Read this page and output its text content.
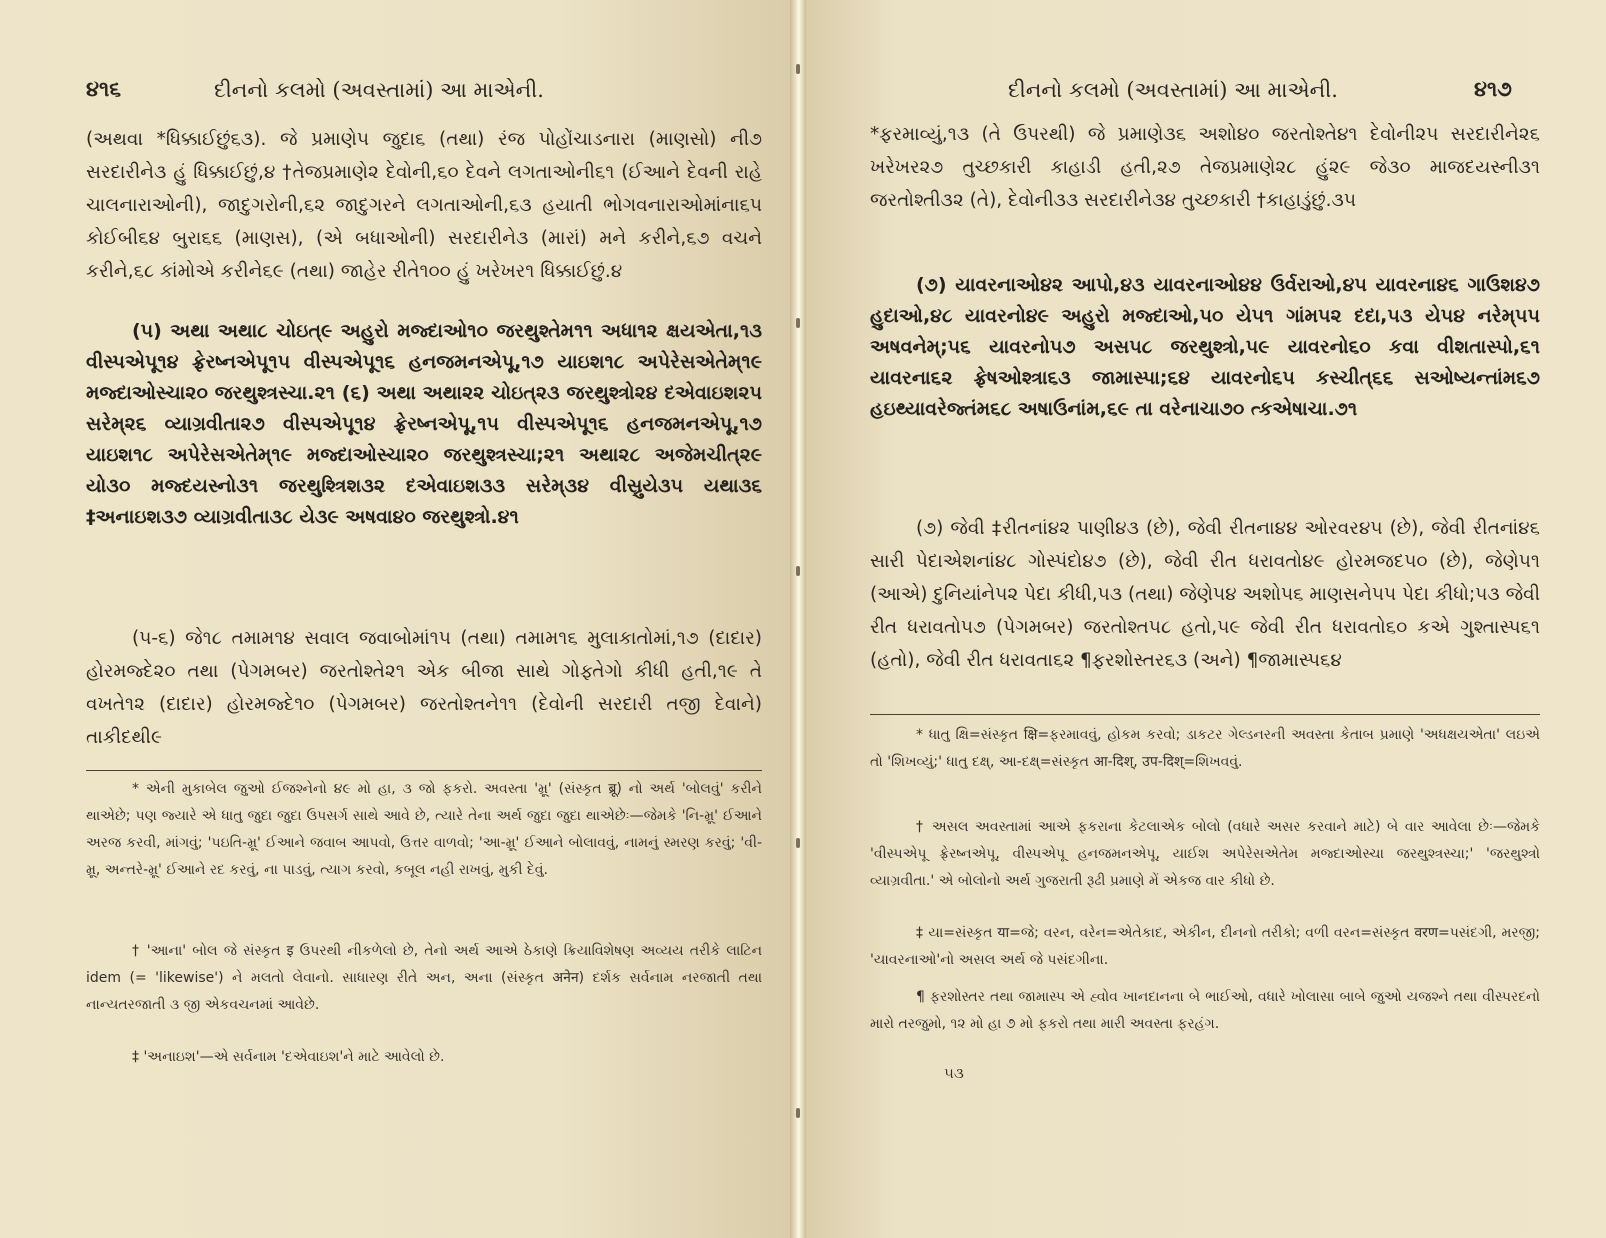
૪૧૬	દીનનો કલમો (અવસ્તામાં) આ માએની.

(અથવા *ધિક્કાઈછું૬૩). જે પ્રમાણે૫ જુદા૬ (તથા) રંજ પોહોંચાડનારા (માણસો) ની૭ સરદારીને૩ હું ધિક્કાઈછું,૪ †તેજપ્રમાણે૨ દેવોની,૬૦ દેવને લગતાઓની૬૧ (ઈઆને દેવની રાહે ચાલનારાઓની), જાદુગરોની,૬૨ જાદુગરને લગતાઓની,૬૩ હયાતી ભોગવનારાઓમાંના૬૫ કોઈબી૬૪ બુરા૬૬ (માણસ), (એ બધાઓની) સરદારીને૩ (મારાં) મને કરીને,૬૭ વચને કરીને,૬૮ કાંમોએ કરીને૬૯ (તથા) જાહેર રીતે૧૦૦ હું ખરેખર૧ ધિક્કાઈછું.૪

(૫) અથા અથા૮ ચોઇત્૯ અહુરો મજ્દાઓ૧૦ જરથુશ્તેમ૧૧ અધા૧૨ ક્ષયએતા,૧૩ વીસ્પએપૂ૧૪ ફ્રેરષ્નએપૂ૧૫ વીસ્પએપૂ૧૬ હનજમનએપૂ,૧૭ યાઇશ૧૮ અપેરેસએતેમ્૧૯ મજ્દાઓસ્ચા૨૦ જરથુશ્ત્રસ્ચા.૨૧ (૬) અથા અથા૨૨ ચોઇત્૨૩ જરથુશ્ત્રો૨૪ દએવાઇશ૨૫ સરેમ્૨૬ વ્યાગ્રવીતા૨૭ વીસ્પએપૂ૧૪ ફ્રેરષ્નએપૂ,૧૫ વીસ્પએપૂ૧૬ હનજમનએપૂ,૧૭ યાઇશ૧૮ અપેરેસએતેમ્૧૯ મજ્દાઓસ્ચા૨૦ જરથુશ્ત્રસ્ચા;૨૧ અથા૨૮ અજેમચીત્૨૯ યો૩૦ મજ્દયસ્નો૩૧ જરથુશ્ત્રિશ૩૨ દએવાઇશ૩૩ સરેમ્૩૪ વીસ્રુયે૩૫ યથા૩૬ ‡અનાઇશ૩૭ વ્યાગ્રવીતા૩૮ યે૩૯ અષવા૪૦ જરથુશ્ત્રો.૪૧

(૫-૬) જે૧૮ તમામ૧૪ સવાલ જવાબોમાં૧૫ (તથા) તમામ૧૬ મુલાકાતોમાં,૧૭ (દાદાર) હોરમજ્દે૨૦ તથા (પેગમબર) જરતોશ્તે૨૧ એક બીજા સાથે ગોફ્તેગો કીધી હતી,૧૯ તે વખતે૧૨ (દાદાર) હોરમજ્દે૧૦ (પેગમબર) જરતોશ્તને૧૧ (દેવોની સરદારી તજી દેવાને) તાકીદથી૯

* એની મુકાબેલ જુઓ ઈજશ્નેનો ૪૯ મો હા, ૩ જો ફકરો. અવસ્તા 'મ્રૂ' (સંસ્કૃત ब्रू) નો અર્થ 'બોલવું' કરીને થાએછે; પણ જ્યારે એ ધાતુ જુદા જુદા ઉપસર્ગ સાથે આવે છે, ત્યારે તેના અર્થ જુદા જુદા થાએછેઃ—જેમકે 'નિ-મ્રૂ' ઈઆને અરજ કરવી, માંગવું; 'પઇતિ-મ્રૂ' ઈઆને જવાબ આપવો, ઉત્તર વાળવો; 'આ-મ્રૂ' ઈઆને બોલાવવું, નામનું સ્મરણ કરવું; 'વી-મ્રૂ, અન્તરે-મ્રૂ' ઈઆને રદ કરવું, ના પાડવું, ત્યાગ કરવો, કબૂલ નહી રાખવું, મુકી દેવું.

† 'આના' બોલ જે સંસ્કૃત इ ઉપરથી નીકળેલો છે, તેનો અર્થ આએ ઠેકાણે ક્રિયાવિશેષણ અવ્યય તરીકે લાટિન idem (= 'likewise') ને મલતો લેવાનો. સાધારણ રીતે અન, અના (સંસ્કૃત अनेन) દર્શક સર્વનામ નરજાતી તથા નાન્યતરજાતી ૩ જી એકવચનમાં આવેછે.

‡ 'અનાઇશ'—એ સર્વનામ 'દએવાઇશ'ને માટે આવેલો છે.

દીનનો કલમો (અવસ્તામાં) આ માએની.	૪૧૭

*ફરમાવ્યું,૧૩ (તે ઉપરથી) જે પ્રમાણે૩૬ અશો૪૦ જરતોશ્તે૪૧ દેવોની૨૫ સરદારીને૨૬ ખરેખર૨૭ તુચ્છકારી કાહાડી હતી,૨૭ તેજપ્રમાણે૨૮ હું૨૯ જે૩૦ માજદયસ્ની૩૧ જરતોશ્તી૩૨ (તે), દેવોની૩૩ સરદારીને૩૪ તુચ્છકારી †કાહાડુંછું.૩૫

(૭) યાવરનાઓ૪૨ આપો,૪૩ યાવરનાઓ૪૪ ઉર્વરાઓ,૪૫ યાવરના૪૬ ગાઉશ૪૭ હુદાઓ,૪૮ યાવરનો૪૯ અહુરો મજ્દાઓ,૫૦ યે૫૧ ગાંમ૫૨ દદા,૫૩ યે૫૪ નરેમ્૫૫ અષવનેમ્;૫૬ યાવરનો૫૭ અસ૫૮ જરથુશ્ત્રો,૫૯ યાવરનો૬૦ કવા વીશતાસ્પો,૬૧ યાવરના૬૨ ફ્રેષઓશ્ત્રા૬૩ જામાસ્પા;૬૪ યાવરનો૬૫ કસ્ચીત્૬૬ સઓષ્યન્તાંમ૬૭ હઇથ્યાવરેજ્તંમ૬૮ અષાઉનાંમ,૬૯ તા વરેનાચા૭૦ ત્કએષાચા.૭૧

(૭) જેવી ‡રીતનાં૪૨ પાણી૪૩ (છે), જેવી રીતના૪૪ ઓરવર૪૫ (છે), જેવી રીતનાં૪૬ સારી પેદાએશનાં૪૮ ગોસ્પંદો૪૭ (છે), જેવી રીત ધરાવતો૪૯ હોરમજદ૫૦ (છે), જેણે૫૧ (આએ) દુનિયાંને૫૨ પેદા કીધી,૫૩ (તથા) જેણે૫૪ અશો૫૬ માણસને૫૫ પેદા કીધો;૫૩ જેવી રીત ધરાવતો૫૭ (પેગમબર) જરતોશ્ત૫૮ હતો,૫૯ જેવી રીત ધરાવતો૬૦ કએ ગુશ્તાસ્પ૬૧ (હતો), જેવી રીત ધરાવતા૬૨ ¶ફરશોસ્તર૬૩ (અને) ¶જામાસ્પ૬૪

* ધાતુ ક્ષિ=સંસ્કૃત क्षि=ફરમાવવું, હોકમ કરવો; ડાકટર ગેલ્ડનરની અવસ્તા કેતાબ પ્રમાણે 'અધક્ષયએતા' લઇએ તો 'શિખવ્યું;' ધાતુ દક્ષ્, આ-દક્ષ્=સંસ્કૃત आ-दिश्, उप-दिश्=શિખવવું.

† અસલ અવસ્તામાં આએ ફકરાના કેટલાએક બોલો (વધારે અસર કરવાને માટે) બે વાર આવેલા છેઃ—જેમકે 'વીસ્પએપૂ ફ્રેરષ્નએપૂ, વીસ્પએપૂ હનજમનએપૂ, યાઈશ અપેરેસએતેમ મજ્દાઓસ્ચા જરથુશ્ત્રસ્ચા;' 'જરથુશ્ત્રો વ્યાગ્રવીતા.' એ બોલોનો અર્થ ગુજરાતી રૂઢી પ્રમાણે મેં એકજ વાર કીધો છે.

‡ યા=સંસ્કૃત या=જે; વરન, વરેન=એતેકાદ, એકીન, દીનનો તરીકો; વળી વરન=સંસ્કૃત वरण=પસંદગી, મરજી; 'યાવરનાઓ'નો અસલ અર્થ જે પસંદગીના.

¶ ફરશોસ્તર તથા જામાસ્પ એ હ્વોવ ખાનદાનના બે ભાઈઓ, વધારે ખોલાસા બાબે જુઓ યજશ્ને તથા વીસ્પરદનો મારો તરજુમો, ૧૨ મો હા ૭ મો ફકરો તથા મારી અવસ્તા ફરહંગ.

૫૩
